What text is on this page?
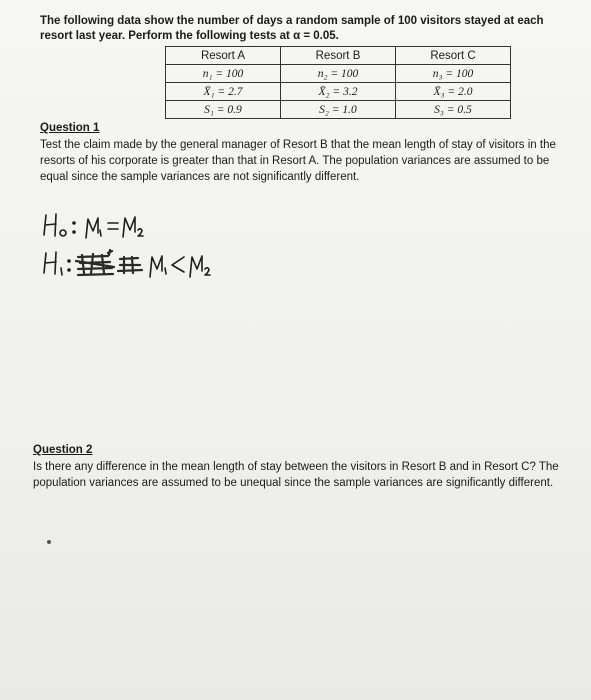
The following data show the number of days a random sample of 100 visitors stayed at each resort last year. Perform the following tests at α = 0.05.
Resort A	Resort B	Resort C
n₁ = 100	n₂ = 100	n₃ = 100
X̄₁ = 2.7	X̄₂ = 3.2	X̄₃ = 2.0
S₁ = 0.9	S₂ = 1.0	S₃ = 0.5
Question 1
Test the claim made by the general manager of Resort B that the mean length of stay of visitors in the resorts of his corporate is greater than that in Resort A. The population variances are assumed to be equal since the sample variances are not significantly different.
Question 2
Is there any difference in the mean length of stay between the visitors in Resort B and in Resort C? The population variances are assumed to be unequal since the sample variances are significantly different.
